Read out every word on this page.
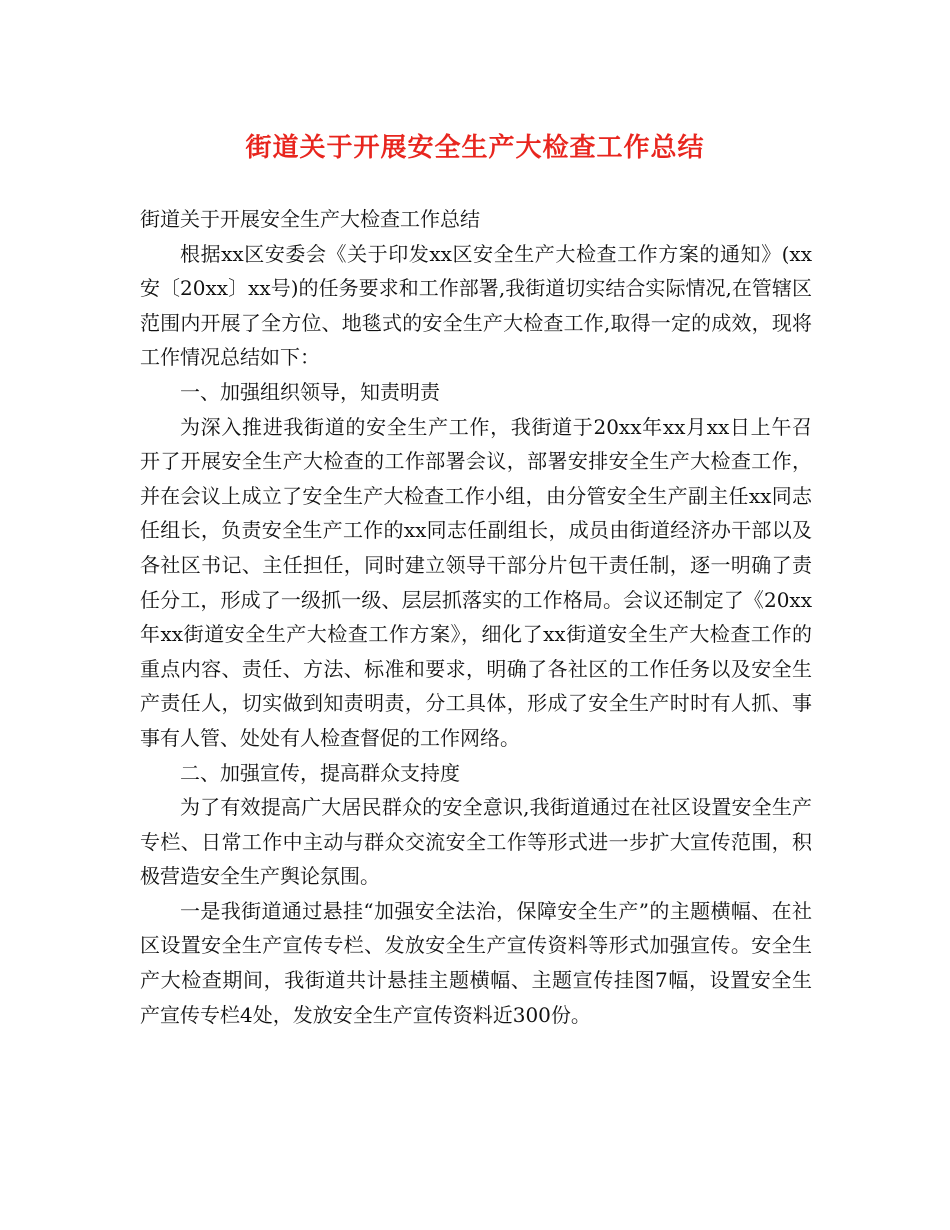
街道关于开展安全生产大检查工作总结

街道关于开展安全生产大检查工作总结

根据xx区安委会《关于印发xx区安全生产大检查工作方案的通知》(xx安〔20xx〕xx号)的任务要求和工作部署,我街道切实结合实际情况,在管辖区范围内开展了全方位、地毯式的安全生产大检查工作,取得一定的成效，现将工作情况总结如下：

一、加强组织领导，知责明责

为深入推进我街道的安全生产工作，我街道于20xx年xx月xx日上午召开了开展安全生产大检查的工作部署会议，部署安排安全生产大检查工作，并在会议上成立了安全生产大检查工作小组，由分管安全生产副主任xx同志任组长，负责安全生产工作的xx同志任副组长，成员由街道经济办干部以及各社区书记、主任担任，同时建立领导干部分片包干责任制，逐一明确了责任分工，形成了一级抓一级、层层抓落实的工作格局。会议还制定了《20xx年xx街道安全生产大检查工作方案》，细化了xx街道安全生产大检查工作的重点内容、责任、方法、标准和要求，明确了各社区的工作任务以及安全生产责任人，切实做到知责明责，分工具体，形成了安全生产时时有人抓、事事有人管、处处有人检查督促的工作网络。

二、加强宣传，提高群众支持度

为了有效提高广大居民群众的安全意识,我街道通过在社区设置安全生产专栏、日常工作中主动与群众交流安全工作等形式进一步扩大宣传范围，积极营造安全生产舆论氛围。

一是我街道通过悬挂“加强安全法治，保障安全生产”的主题横幅、在社区设置安全生产宣传专栏、发放安全生产宣传资料等形式加强宣传。安全生产大检查期间，我街道共计悬挂主题横幅、主题宣传挂图7幅，设置安全生产宣传专栏4处，发放安全生产宣传资料近300份。
